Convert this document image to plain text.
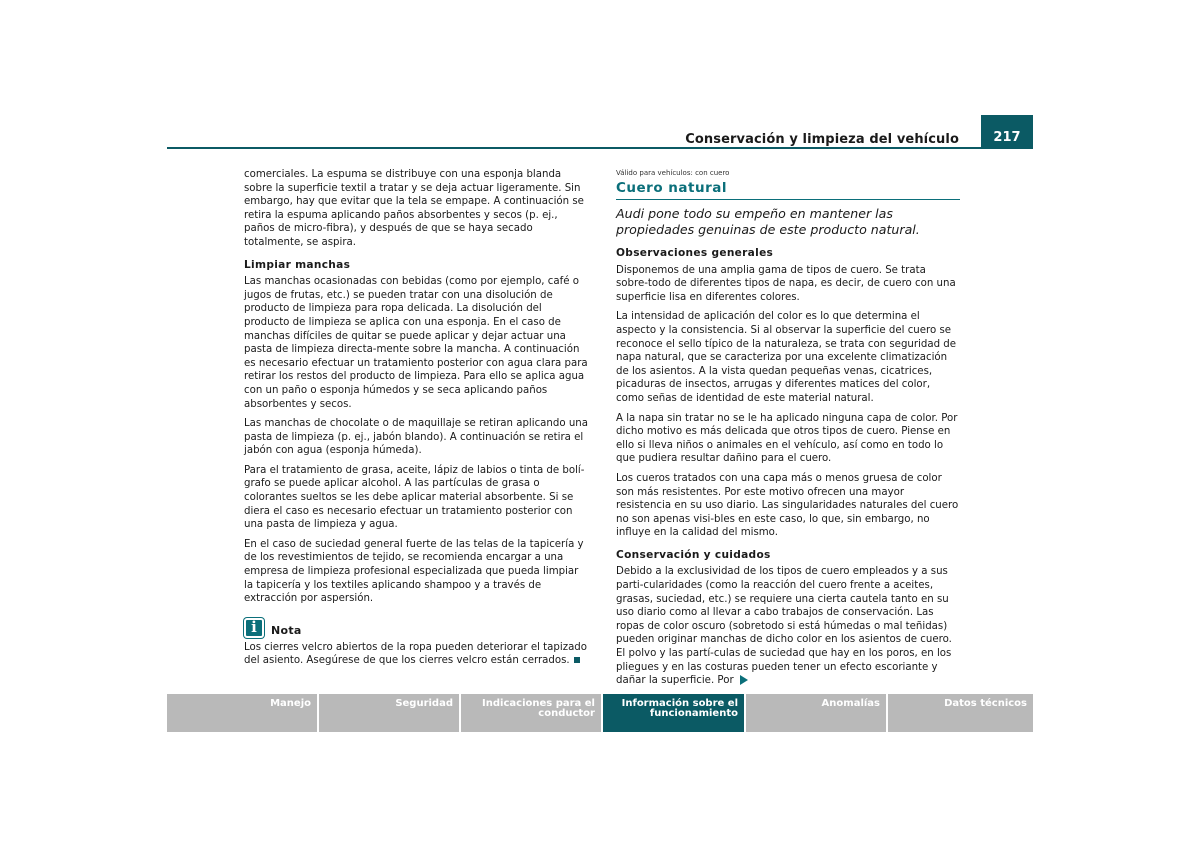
Conservación y limpieza del vehículo	217

comerciales. La espuma se distribuye con una esponja blanda sobre la superficie textil a tratar y se deja actuar ligeramente. Sin embargo, hay que evitar que la tela se empape. A continuación se retira la espuma aplicando paños absorbentes y secos (p. ej., paños de micro-fibra), y después de que se haya secado totalmente, se aspira.

Limpiar manchas

Las manchas ocasionadas con bebidas (como por ejemplo, café o jugos de frutas, etc.) se pueden tratar con una disolución de producto de limpieza para ropa delicada. La disolución del producto de limpieza se aplica con una esponja. En el caso de manchas difíciles de quitar se puede aplicar y dejar actuar una pasta de limpieza directa-mente sobre la mancha. A continuación es necesario efectuar un tratamiento posterior con agua clara para retirar los restos del producto de limpieza. Para ello se aplica agua con un paño o esponja húmedos y se seca aplicando paños absorbentes y secos.

Las manchas de chocolate o de maquillaje se retiran aplicando una pasta de limpieza (p. ej., jabón blando). A continuación se retira el jabón con agua (esponja húmeda).

Para el tratamiento de grasa, aceite, lápiz de labios o tinta de bolí-grafo se puede aplicar alcohol. A las partículas de grasa o colorantes sueltos se les debe aplicar material absorbente. Si se diera el caso es necesario efectuar un tratamiento posterior con una pasta de limpieza y agua.

En el caso de suciedad general fuerte de las telas de la tapicería y de los revestimientos de tejido, se recomienda encargar a una empresa de limpieza profesional especializada que pueda limpiar la tapicería y los textiles aplicando shampoo y a través de extracción por aspersión.

i	Nota

Los cierres velcro abiertos de la ropa pueden deteriorar el tapizado del asiento. Asegúrese de que los cierres velcro están cerrados.

Válido para vehículos: con cuero
Cuero natural

Audi pone todo su empeño en mantener las propiedades genuinas de este producto natural.

Observaciones generales

Disponemos de una amplia gama de tipos de cuero. Se trata sobre-todo de diferentes tipos de napa, es decir, de cuero con una superficie lisa en diferentes colores.

La intensidad de aplicación del color es lo que determina el aspecto y la consistencia. Si al observar la superficie del cuero se reconoce el sello típico de la naturaleza, se trata con seguridad de napa natural, que se caracteriza por una excelente climatización de los asientos. A la vista quedan pequeñas venas, cicatrices, picaduras de insectos, arrugas y diferentes matices del color, como señas de identidad de este material natural.

A la napa sin tratar no se le ha aplicado ninguna capa de color. Por dicho motivo es más delicada que otros tipos de cuero. Piense en ello si lleva niños o animales en el vehículo, así como en todo lo que pudiera resultar dañino para el cuero.

Los cueros tratados con una capa más o menos gruesa de color son más resistentes. Por este motivo ofrecen una mayor resistencia en su uso diario. Las singularidades naturales del cuero no son apenas visi-bles en este caso, lo que, sin embargo, no influye en la calidad del mismo.

Conservación y cuidados

Debido a la exclusividad de los tipos de cuero empleados y a sus parti-cularidades (como la reacción del cuero frente a aceites, grasas, suciedad, etc.) se requiere una cierta cautela tanto en su uso diario como al llevar a cabo trabajos de conservación. Las ropas de color oscuro (sobretodo si está húmedas o mal teñidas) pueden originar manchas de dicho color en los asientos de cuero. El polvo y las partí-culas de suciedad que hay en los poros, en los pliegues y en las costuras pueden tener un efecto escoriante y dañar la superficie. Por

Manejo	Seguridad	Indicaciones para el conductor
Información sobre el funcionamiento
Anomalías	Datos técnicos
